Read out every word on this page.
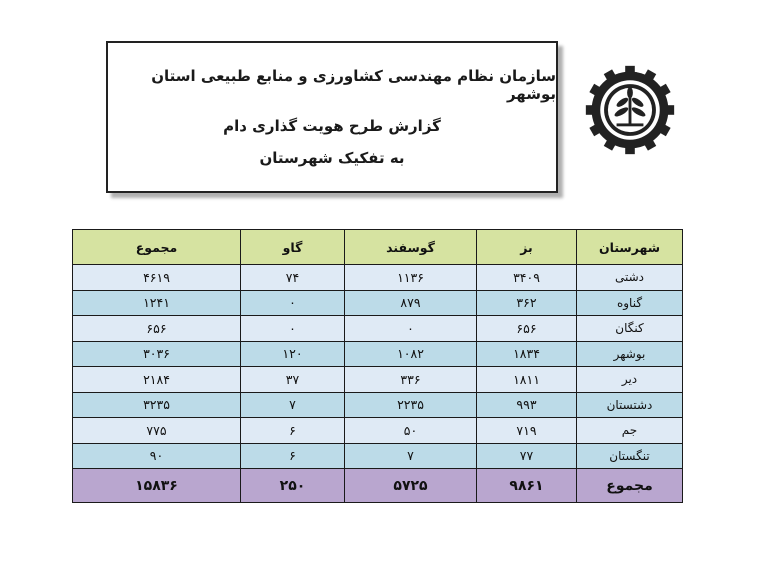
سازمان نظام مهندسی کشاورزی و منابع طبیعی استان بوشهر
گزارش طرح هویت گذاری دام
به تفکیک شهرستان
شهرستان	بز	گوسفند	گاو	مجموع
دشتی	۳۴۰۹	۱۱۳۶	۷۴	۴۶۱۹
گناوه	۳۶۲	۸۷۹	۰	۱۲۴۱
کنگان	۶۵۶	۰	۰	۶۵۶
بوشهر	۱۸۳۴	۱۰۸۲	۱۲۰	۳۰۳۶
دیر	۱۸۱۱	۳۳۶	۳۷	۲۱۸۴
دشتستان	۹۹۳	۲۲۳۵	۷	۳۲۳۵
جم	۷۱۹	۵۰	۶	۷۷۵
تنگستان	۷۷	۷	۶	۹۰
مجموع	۹۸۶۱	۵۷۲۵	۲۵۰	۱۵۸۳۶
